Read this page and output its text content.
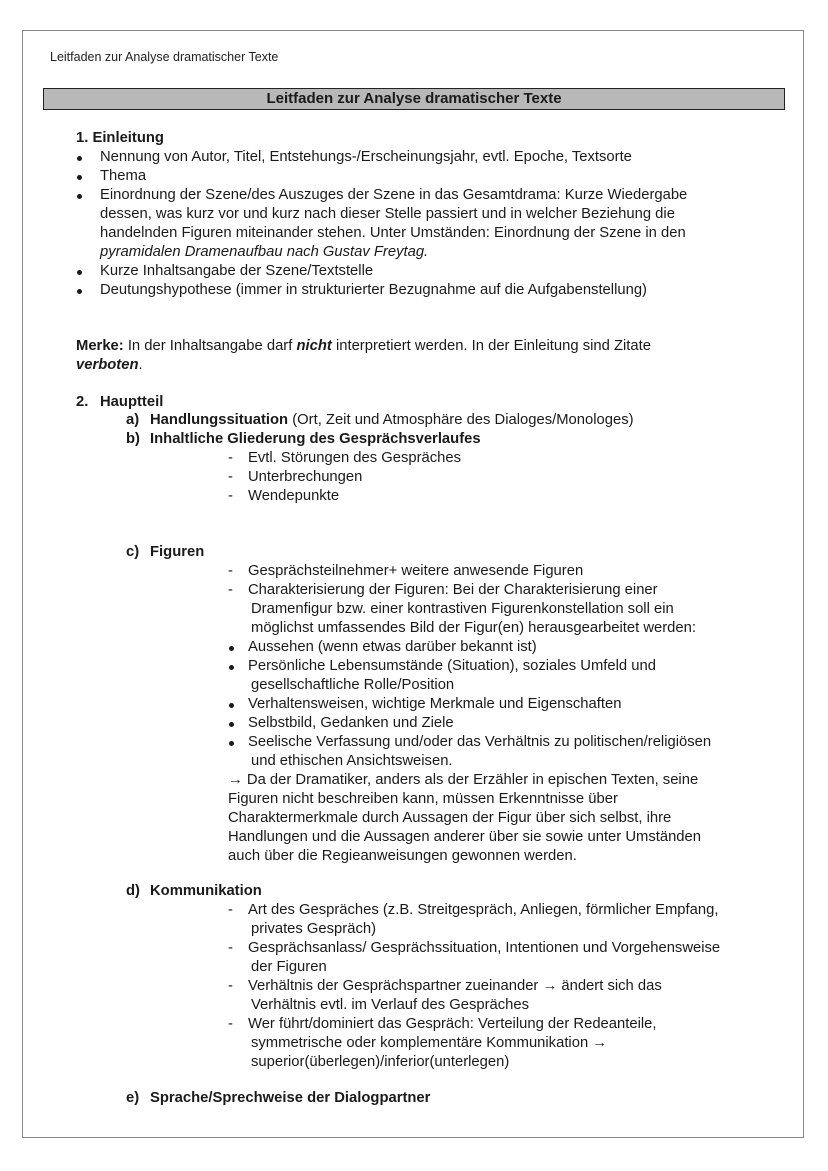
Leitfaden zur Analyse dramatischer Texte
Leitfaden zur Analyse dramatischer Texte
1. Einleitung
Nennung von Autor, Titel, Entstehungs-/Erscheinungsjahr, evtl. Epoche, Textsorte
Thema
Einordnung der Szene/des Auszuges der Szene in das Gesamtdrama: Kurze Wiedergabe
dessen, was kurz vor und kurz nach dieser Stelle passiert und in welcher Beziehung die
handelnden Figuren miteinander stehen. Unter Umständen: Einordnung der Szene in den
pyramidalen Dramenaufbau nach Gustav Freytag.
Kurze Inhaltsangabe der Szene/Textstelle
Deutungshypothese (immer in strukturierter Bezugnahme auf die Aufgabenstellung)
Merke: In der Inhaltsangabe darf nicht interpretiert werden. In der Einleitung sind Zitate
verboten.
2. Hauptteil
a) Handlungssituation (Ort, Zeit und Atmosphäre des Dialoges/Monologes)
b) Inhaltliche Gliederung des Gesprächsverlaufes
- Evtl. Störungen des Gespräches
- Unterbrechungen
- Wendepunkte
c) Figuren
- Gesprächsteilnehmer+ weitere anwesende Figuren
- Charakterisierung der Figuren: Bei der Charakterisierung einer
Dramenfigur bzw. einer kontrastiven Figurenkonstellation soll ein
möglichst umfassendes Bild der Figur(en) herausgearbeitet werden:
Aussehen (wenn etwas darüber bekannt ist)
Persönliche Lebensumstände (Situation), soziales Umfeld und
gesellschaftliche Rolle/Position
Verhaltensweisen, wichtige Merkmale und Eigenschaften
Selbstbild, Gedanken und Ziele
Seelische Verfassung und/oder das Verhältnis zu politischen/religiösen
und ethischen Ansichtsweisen.
→ Da der Dramatiker, anders als der Erzähler in epischen Texten, seine
Figuren nicht beschreiben kann, müssen Erkenntnisse über
Charaktermerkmale durch Aussagen der Figur über sich selbst, ihre
Handlungen und die Aussagen anderer über sie sowie unter Umständen
auch über die Regieanweisungen gewonnen werden.
d) Kommunikation
- Art des Gespräches (z.B. Streitgespräch, Anliegen, förmlicher Empfang,
privates Gespräch)
- Gesprächsanlass/ Gesprächssituation, Intentionen und Vorgehensweise
der Figuren
- Verhältnis der Gesprächspartner zueinander → ändert sich das
Verhältnis evtl. im Verlauf des Gespräches
- Wer führt/dominiert das Gespräch: Verteilung der Redeanteile,
symmetrische oder komplementäre Kommunikation →
superior(überlegen)/inferior(unterlegen)
e) Sprache/Sprechweise der Dialogpartner
